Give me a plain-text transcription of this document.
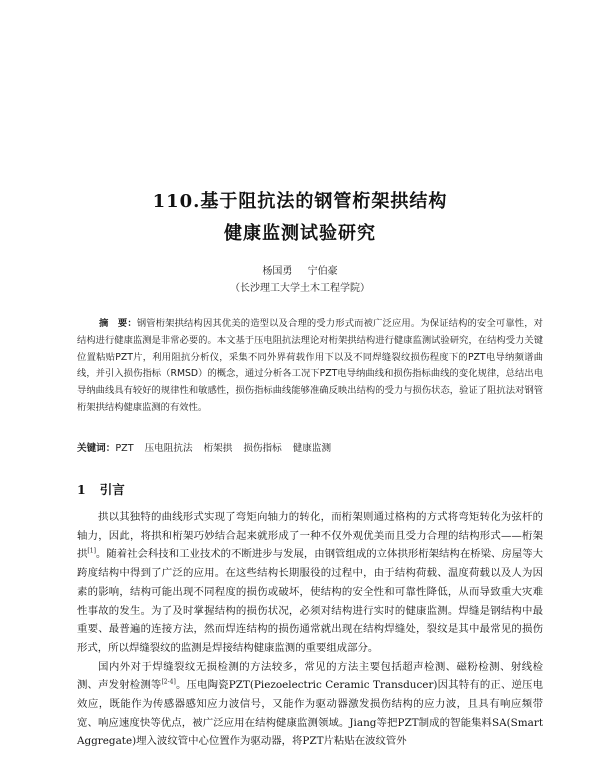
110.基于阻抗法的钢管桁架拱结构
健康监测试验研究
杨国勇 宁伯豪
（长沙理工大学土木工程学院）
摘　要：钢管桁架拱结构因其优美的造型以及合理的受力形式而被广泛应用。为保证结构的安全可靠性，对结构进行健康监测是非常必要的。本文基于压电阻抗法理论对桁架拱结构进行健康监测试验研究，在结构受力关键位置粘贴PZT片，利用阻抗分析仪，采集不同外界荷载作用下以及不同焊缝裂纹损伤程度下的PZT电导纳频谱曲线，并引入损伤指标（RMSD）的概念，通过分析各工况下PZT电导纳曲线和损伤指标曲线的变化规律，总结出电导纳曲线具有较好的规律性和敏感性，损伤指标曲线能够准确反映出结构的受力与损伤状态，验证了阻抗法对钢管桁架拱结构健康监测的有效性。
关键词：PZT 压电阻抗法 桁架拱 损伤指标 健康监测
1 引言

拱以其独特的曲线形式实现了弯矩向轴力的转化，而桁架则通过格构的方式将弯矩转化为弦杆的轴力，因此，将拱和桁架巧妙结合起来就形成了一种不仅外观优美而且受力合理的结构形式——桁架拱[1]。随着社会科技和工业技术的不断进步与发展，由钢管组成的立体拱形桁架结构在桥梁、房屋等大跨度结构中得到了广泛的应用。在这些结构长期服役的过程中，由于结构荷载、温度荷载以及人为因素的影响，结构可能出现不同程度的损伤或破坏，使结构的安全性和可靠性降低，从而导致重大灾难性事故的发生。为了及时掌握结构的损伤状况，必须对结构进行实时的健康监测。焊缝是钢结构中最重要、最普遍的连接方法，然而焊连结构的损伤通常就出现在结构焊缝处，裂纹是其中最常见的损伤形式，所以焊缝裂纹的监测是焊接结构健康监测的重要组成部分。

国内外对于焊缝裂纹无损检测的方法较多，常见的方法主要包括超声检测、磁粉检测、射线检测、声发射检测等[2-4]。压电陶瓷PZT(Piezoelectric Ceramic Transducer)因其特有的正、逆压电效应，既能作为传感器感知应力波信号，又能作为驱动器激发损伤结构的应力波，且具有响应频带宽、响应速度快等优点，被广泛应用在结构健康监测领域。Jiang等把PZT制成的智能集料SA(Smart Aggregate)埋入波纹管中心位置作为驱动器，将PZT片粘贴在波纹管外
